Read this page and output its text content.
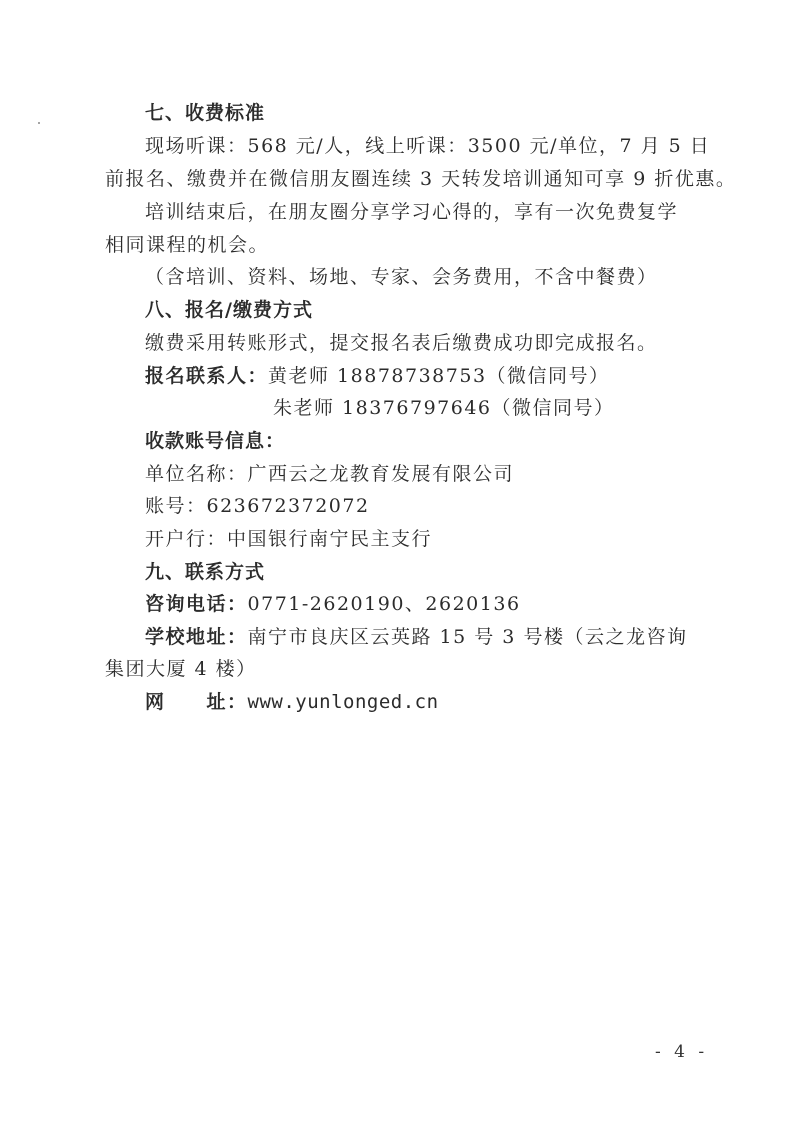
七、收费标准
现场听课：568 元/人，线上听课：3500 元/单位，7 月 5 日
前报名、缴费并在微信朋友圈连续 3 天转发培训通知可享 9 折优惠。
培训结束后，在朋友圈分享学习心得的，享有一次免费复学
相同课程的机会。
（含培训、资料、场地、专家、会务费用，不含中餐费）
八、报名/缴费方式
缴费采用转账形式，提交报名表后缴费成功即完成报名。
报名联系人：黄老师 18878738753（微信同号）
朱老师 18376797646（微信同号）
收款账号信息：
单位名称：广西云之龙教育发展有限公司
账号：623672372072
开户行：中国银行南宁民主支行
九、联系方式
咨询电话：0771-2620190、2620136
学校地址：南宁市良庆区云英路 15 号 3 号楼（云之龙咨询
集团大厦 4 楼）
网　　址：www.yunlonged.cn
- 4 -
